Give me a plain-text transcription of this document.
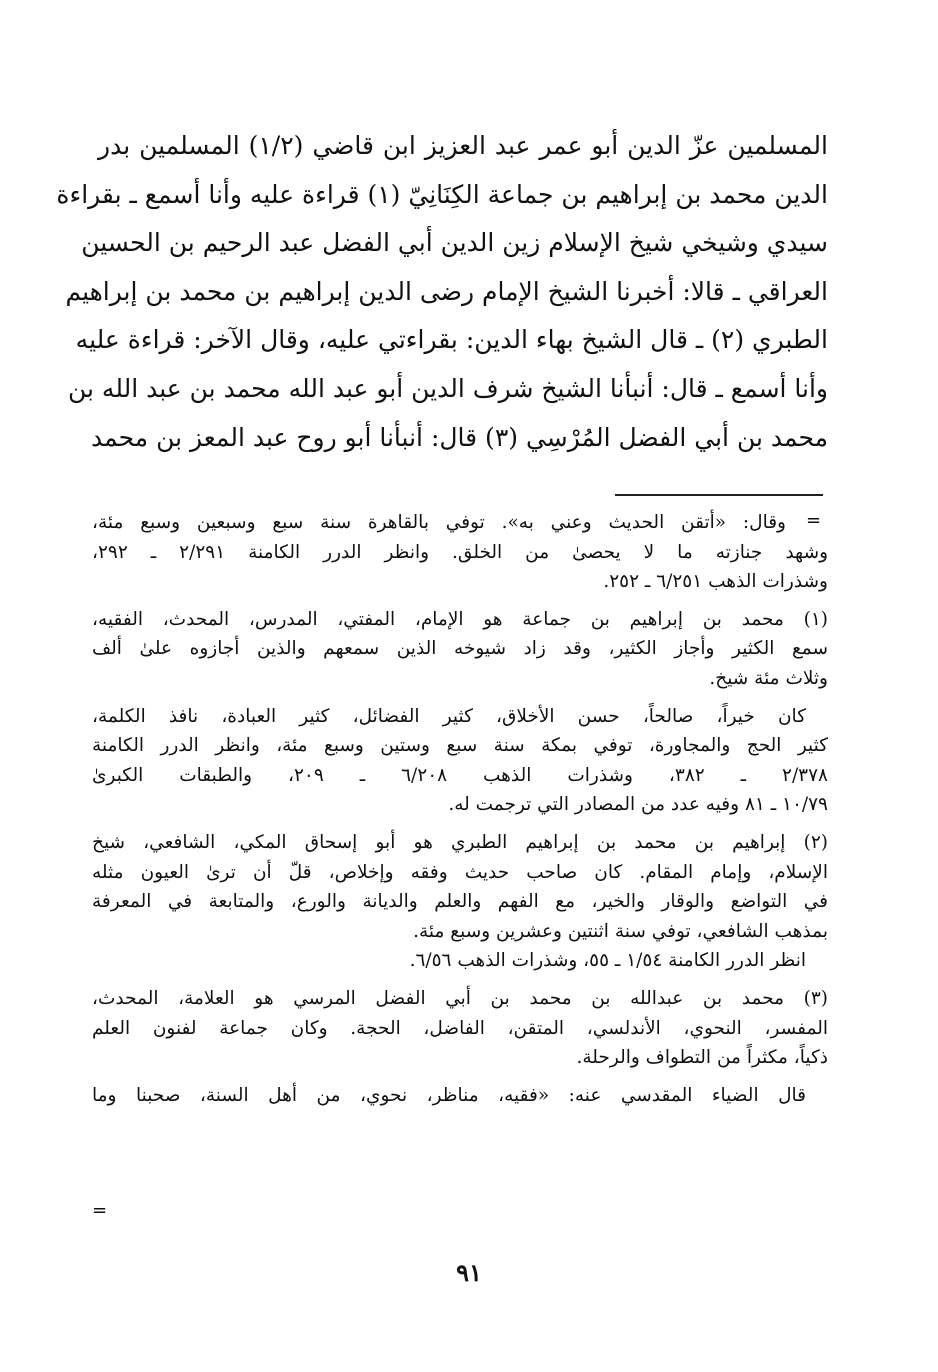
المسلمين عزّ الدين أبو عمر عبد العزيز ابن قاضي (١/٢) المسلمين بدر
الدين محمد بن إبراهيم بن جماعة الكِنَانِيّ (١) قراءة عليه وأنا أسمع ـ بقراءة
سيدي وشيخي شيخ الإسلام زين الدين أبي الفضل عبد الرحيم بن الحسين
العراقي ـ قالا: أخبرنا الشيخ الإمام رضى الدين إبراهيم بن محمد بن إبراهيم
الطبري (٢) ـ قال الشيخ بهاء الدين: بقراءتي عليه، وقال الآخر: قراءة عليه
وأنا أسمع ـ قال: أنبأنا الشيخ شرف الدين أبو عبد الله محمد بن عبد الله بن
محمد بن أبي الفضل المُرْسِي (٣) قال: أنبأنا أبو روح عبد المعز بن محمد
=
وقال: «أتقن الحديث وعني به». توفي بالقاهرة سنة سبع وسبعين وسبع مئة،
وشهد جنازته ما لا يحصىٰ من الخلق. وانظر الدرر الكامنة ٢/٢٩١ ـ ٢٩٢،
وشذرات الذهب ٦/٢٥١ ـ ٢٥٢.
(١) محمد بن إبراهيم بن جماعة هو الإمام، المفتي، المدرس، المحدث، الفقيه،
سمع الكثير وأجاز الكثير، وقد زاد شيوخه الذين سمعهم والذين أجازوه علىٰ ألف
وثلاث مئة شيخ.
كان خيراً، صالحاً، حسن الأخلاق، كثير الفضائل، كثير العبادة، نافذ الكلمة،
كثير الحج والمجاورة، توفي بمكة سنة سبع وستين وسبع مئة، وانظر الدرر الكامنة
٢/٣٧٨ ـ ٣٨٢، وشذرات الذهب ٦/٢٠٨ ـ ٢٠٩، والطبقات الكبرىٰ
١٠/٧٩ ـ ٨١ وفيه عدد من المصادر التي ترجمت له.
(٢) إبراهيم بن محمد بن إبراهيم الطبري هو أبو إسحاق المكي، الشافعي، شيخ
الإسلام، وإمام المقام. كان صاحب حديث وفقه وإخلاص، قلّ أن ترىٰ العيون مثله
في التواضع والوقار والخير، مع الفهم والعلم والديانة والورع، والمتابعة في المعرفة
بمذهب الشافعي، توفي سنة اثنتين وعشرين وسبع مئة.
انظر الدرر الكامنة ١/٥٤ ـ ٥٥، وشذرات الذهب ٦/٥٦.
(٣) محمد بن عبدالله بن محمد بن أبي الفضل المرسي هو العلامة، المحدث،
المفسر، النحوي، الأندلسي، المتقن، الفاضل، الحجة. وكان جماعة لفنون العلم
ذكياً، مكثراً من التطواف والرحلة.
قال الضياء المقدسي عنه: «فقيه، مناظر، نحوي، من أهل السنة، صحبنا وما
=
٩١
